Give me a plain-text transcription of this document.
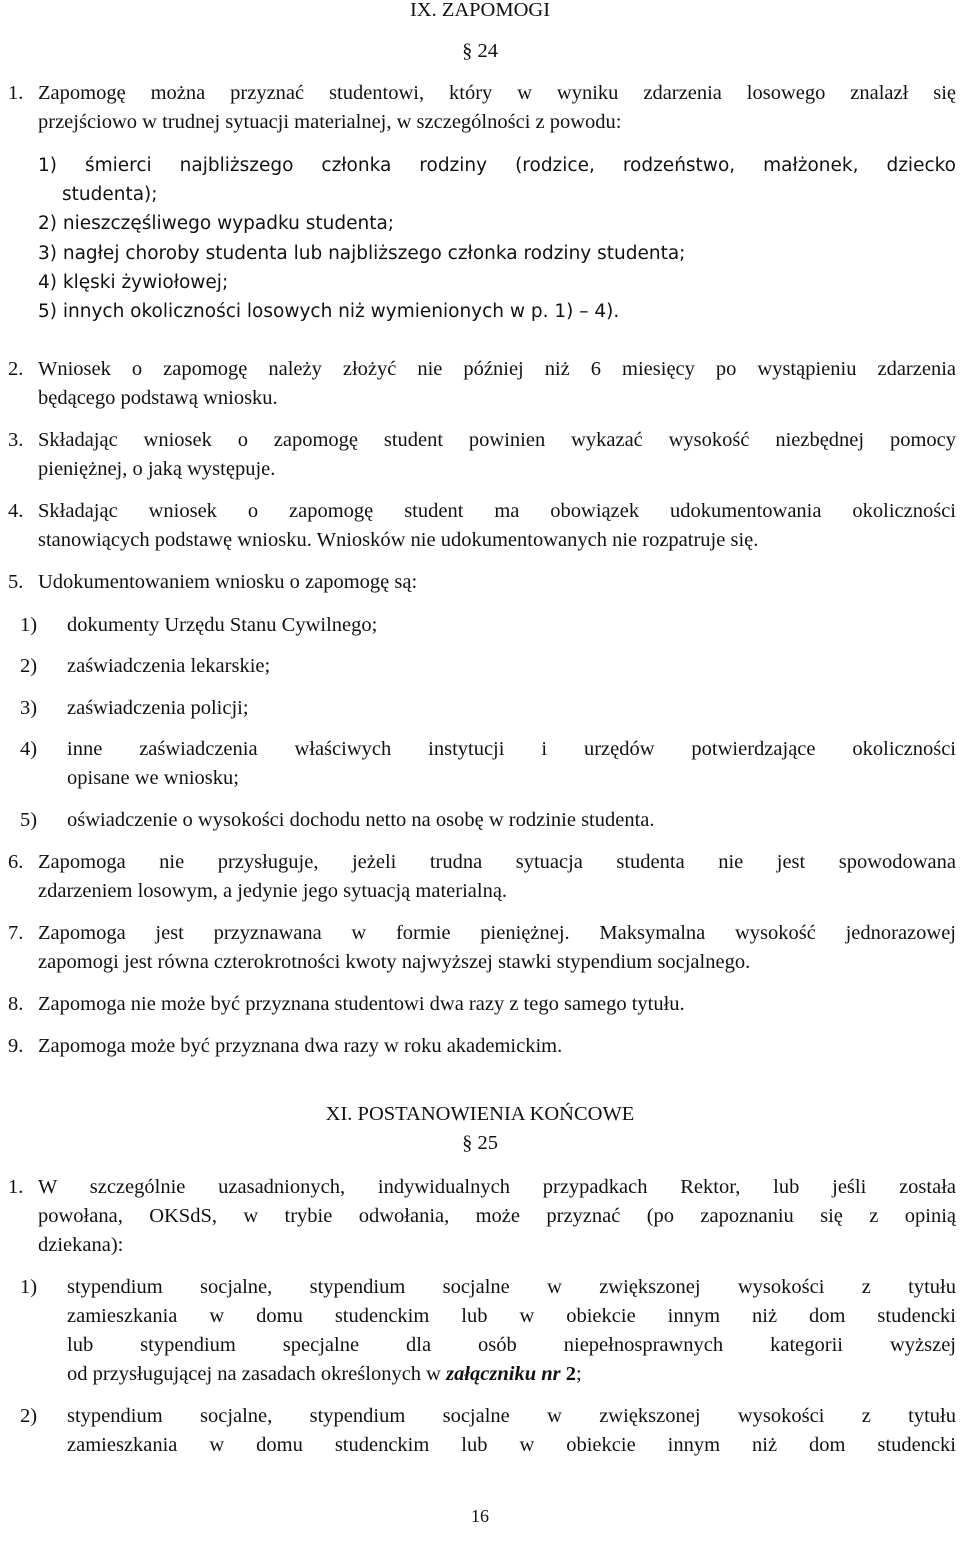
IX. ZAPOMOGI
§ 24
1. Zapomogę można przyznać studentowi, który w wyniku zdarzenia losowego znalazł się
przejściowo w trudnej sytuacji materialnej, w szczególności z powodu:
1) śmierci najbliższego członka rodziny (rodzice, rodzeństwo, małżonek, dziecko
studenta);
2) nieszczęśliwego wypadku studenta;
3) nagłej choroby studenta lub najbliższego członka rodziny studenta;
4) klęski żywiołowej;
5) innych okoliczności losowych niż wymienionych w p. 1) – 4).
2. Wniosek o zapomogę należy złożyć nie później niż 6 miesięcy po wystąpieniu zdarzenia
będącego podstawą wniosku.
3. Składając wniosek o zapomogę student powinien wykazać wysokość niezbędnej pomocy
pieniężnej, o jaką występuje.
4. Składając wniosek o zapomogę student ma obowiązek udokumentowania okoliczności
stanowiących podstawę wniosku. Wniosków nie udokumentowanych nie rozpatruje się.
5. Udokumentowaniem wniosku o zapomogę są:
1) dokumenty Urzędu Stanu Cywilnego;
2) zaświadczenia lekarskie;
3) zaświadczenia policji;
4) inne zaświadczenia właściwych instytucji i urzędów potwierdzające okoliczności
opisane we wniosku;
5) oświadczenie o wysokości dochodu netto na osobę w rodzinie studenta.
6. Zapomoga nie przysługuje, jeżeli trudna sytuacja studenta nie jest spowodowana
zdarzeniem losowym, a jedynie jego sytuacją materialną.
7. Zapomoga jest przyznawana w formie pieniężnej. Maksymalna wysokość jednorazowej
zapomogi jest równa czterokrotności kwoty najwyższej stawki stypendium socjalnego.
8. Zapomoga nie może być przyznana studentowi dwa razy z tego samego tytułu.
9. Zapomoga może być przyznana dwa razy w roku akademickim.
XI. POSTANOWIENIA KOŃCOWE
§ 25
1. W szczególnie uzasadnionych, indywidualnych przypadkach Rektor, lub jeśli została
powołana, OKSdS, w trybie odwołania, może przyznać (po zapoznaniu się z opinią
dziekana):
1) stypendium socjalne, stypendium socjalne w zwiększonej wysokości z tytułu
zamieszkania w domu studenckim lub w obiekcie innym niż dom studencki
lub stypendium specjalne dla osób niepełnosprawnych kategorii wyższej
od przysługującej na zasadach określonych w załączniku nr 2;
2) stypendium socjalne, stypendium socjalne w zwiększonej wysokości z tytułu
zamieszkania w domu studenckim lub w obiekcie innym niż dom studencki
16
